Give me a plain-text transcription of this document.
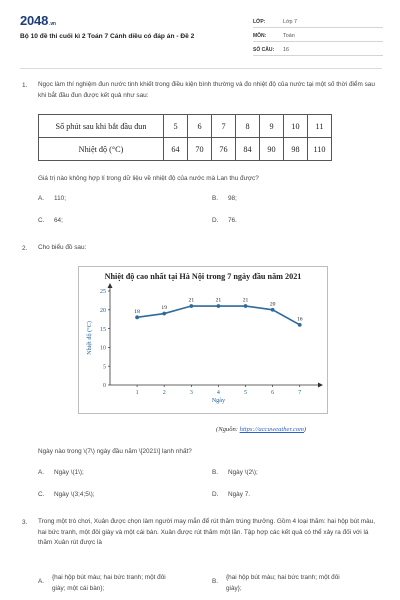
2048.vn
Bộ 10 đề thi cuối kì 2 Toán 7 Cánh diều có đáp án - Đề 2
LỚP:	Lớp 7
MÔN:	Toán
SỐ CÂU:	16
1. Ngọc làm thí nghiệm đun nước tinh khiết trong điều kiện bình thường và đo nhiệt độ của nước tại một số thời điểm sau khi bắt đầu đun được kết quả như sau:
Số phút sau khi bắt đầu đun	5	6	7	8	9	10	11
Nhiệt độ (°C)	64	70	76	84	90	98	110
Giá trị nào không hợp lí trong dữ liệu về nhiệt độ của nước mà Lan thu được?
A. 110;	B. 98;
C. 64;	D. 76.
2. Cho biểu đồ sau:
Nhiệt độ cao nhất tại Hà Nội trong 7 ngày đầu năm 2021
0
5
10
15
20
25
1	2	3	4	5	6	7
Ngày
Nhiệt độ (°C)
18
19
21	21	21
20
16
(Nguồn: https://accuweather.com)
Ngày nào trong \(7\) ngày đầu năm \[2021\] lạnh nhất?
A. Ngày \(1\);	B. Ngày \(2\);
C. Ngày \(3;4;5\);	D. Ngày 7.
3. Trong một trò chơi, Xuân được chọn làm người may mắn để rút thăm trúng thưởng. Gồm 4 loại thăm: hai hộp bút màu, hai bức tranh, một đôi giày và một cái bàn. Xuân được rút thăm một lần. Tập hợp các kết quả có thể xảy ra đối với lá thăm Xuân rút được là
A.
{hai hộp bút màu; hai bức tranh; một đôi
giày; một cái bàn};
B.
{hai hộp bút màu; hai bức tranh; một đôi
giày};
